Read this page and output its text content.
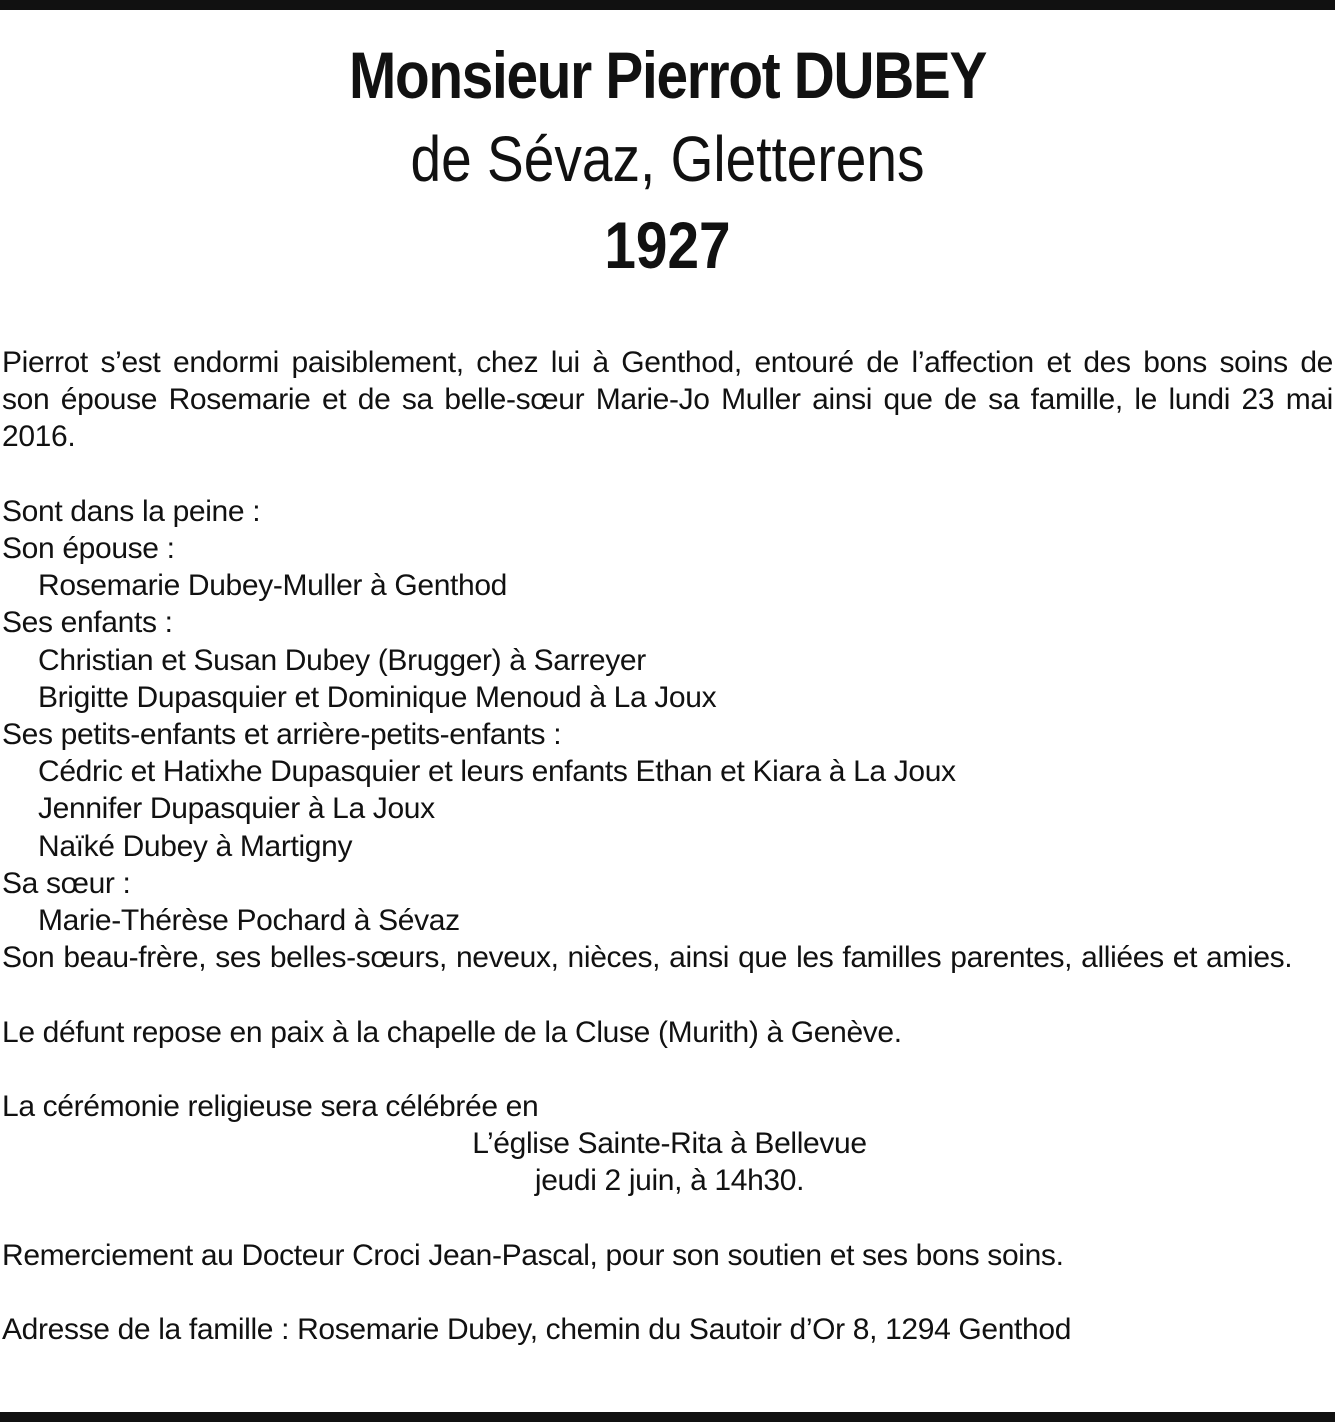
Monsieur Pierrot DUBEY
de Sévaz, Gletterens
1927
Pierrot s’est endormi paisiblement, chez lui à Genthod, entouré de l’affection et des bons soins de son épouse Rosemarie et de sa belle-sœur Marie-Jo Muller ainsi que de sa famille, le lundi 23 mai 2016.
Sont dans la peine :
Son épouse :
Rosemarie Dubey-Muller à Genthod
Ses enfants :
Christian et Susan Dubey (Brugger) à Sarreyer
Brigitte Dupasquier et Dominique Menoud à La Joux
Ses petits-enfants et arrière-petits-enfants :
Cédric et Hatixhe Dupasquier et leurs enfants Ethan et Kiara à La Joux
Jennifer Dupasquier à La Joux
Naïké Dubey à Martigny
Sa sœur :
Marie-Thérèse Pochard à Sévaz
Son beau-frère, ses belles-sœurs, neveux, nièces, ainsi que les familles parentes, alliées et amies.
Le défunt repose en paix à la chapelle de la Cluse (Murith) à Genève.
La cérémonie religieuse sera célébrée en
L’église Sainte-Rita à Bellevue
jeudi 2 juin, à 14h30.
Remerciement au Docteur Croci Jean-Pascal, pour son soutien et ses bons soins.
Adresse de la famille : Rosemarie Dubey, chemin du Sautoir d’Or 8, 1294 Genthod
